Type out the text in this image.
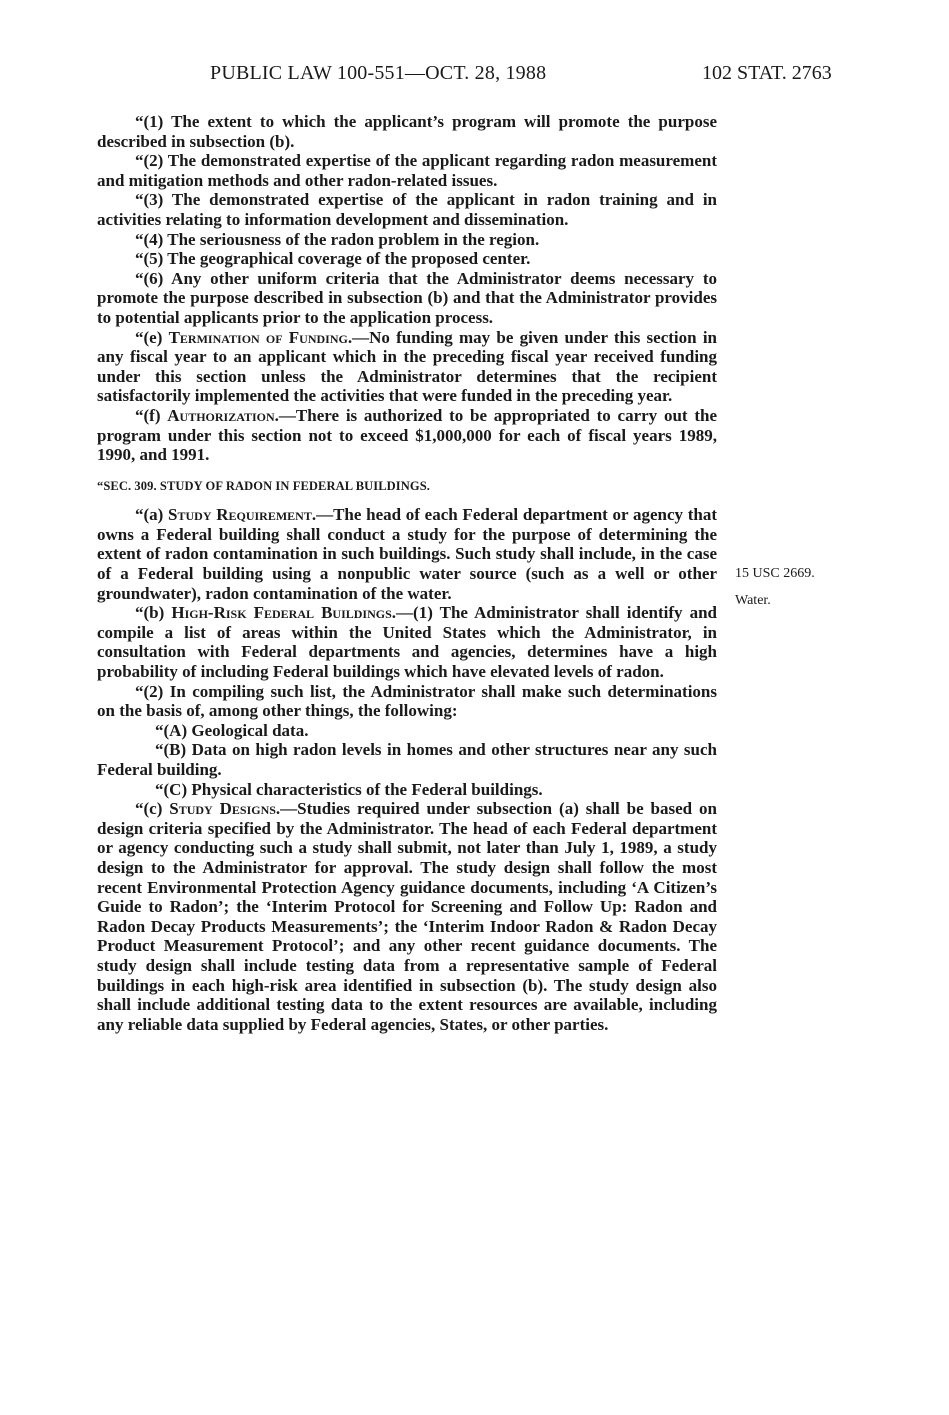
PUBLIC LAW 100-551—OCT. 28, 1988	102 STAT. 2763

“(1) The extent to which the applicant’s program will promote the purpose described in subsection (b).

“(2) The demonstrated expertise of the applicant regarding radon measurement and mitigation methods and other radon-related issues.

“(3) The demonstrated expertise of the applicant in radon training and in activities relating to information development and dissemination.

“(4) The seriousness of the radon problem in the region.

“(5) The geographical coverage of the proposed center.

“(6) Any other uniform criteria that the Administrator deems necessary to promote the purpose described in subsection (b) and that the Administrator provides to potential applicants prior to the application process.

“(e) Termination of Funding.—No funding may be given under this section in any fiscal year to an applicant which in the preceding fiscal year received funding under this section unless the Administrator determines that the recipient satisfactorily implemented the activities that were funded in the preceding year.

“(f) Authorization.—There is authorized to be appropriated to carry out the program under this section not to exceed $1,000,000 for each of fiscal years 1989, 1990, and 1991.

“SEC. 309. STUDY OF RADON IN FEDERAL BUILDINGS.

“(a) Study Requirement.—The head of each Federal department or agency that owns a Federal building shall conduct a study for the purpose of determining the extent of radon contamination in such buildings. Such study shall include, in the case of a Federal building using a nonpublic water source (such as a well or other groundwater), radon contamination of the water.

“(b) High-Risk Federal Buildings.—(1) The Administrator shall identify and compile a list of areas within the United States which the Administrator, in consultation with Federal departments and agencies, determines have a high probability of including Federal buildings which have elevated levels of radon.

“(2) In compiling such list, the Administrator shall make such determinations on the basis of, among other things, the following:

“(A) Geological data.

“(B) Data on high radon levels in homes and other structures near any such Federal building.

“(C) Physical characteristics of the Federal buildings.

“(c) Study Designs.—Studies required under subsection (a) shall be based on design criteria specified by the Administrator. The head of each Federal department or agency conducting such a study shall submit, not later than July 1, 1989, a study design to the Administrator for approval. The study design shall follow the most recent Environmental Protection Agency guidance documents, including ‘A Citizen’s Guide to Radon’; the ‘Interim Protocol for Screening and Follow Up: Radon and Radon Decay Products Measurements’; the ‘Interim Indoor Radon & Radon Decay Product Measurement Protocol’; and any other recent guidance documents. The study design shall include testing data from a representative sample of Federal buildings in each high-risk area identified in subsection (b). The study design also shall include additional testing data to the extent resources are available, including any reliable data supplied by Federal agencies, States, or other parties.

15 USC 2669.
Water.
